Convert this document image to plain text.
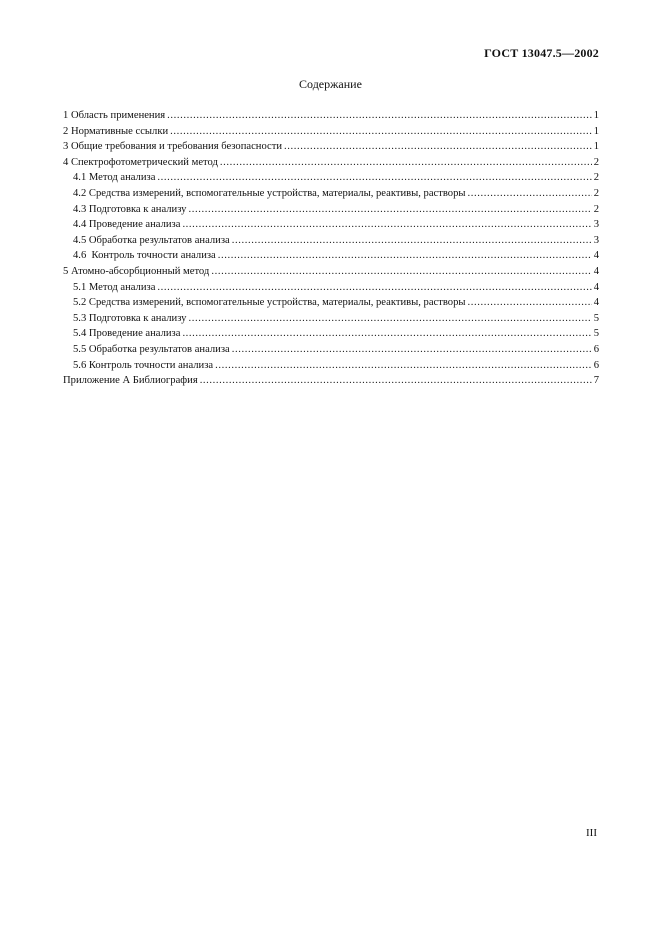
ГОСТ 13047.5—2002
Содержание
1 Область применения .....	1
2 Нормативные ссылки .....	1
3 Общие требования и требования безопасности .....	1
4 Спектрофотометрический метод .....	2
4.1 Метод анализа .....	2
4.2 Средства измерений, вспомогательные устройства, материалы, реактивы, растворы .....	2
4.3 Подготовка к анализу .....	2
4.4 Проведение анализа .....	3
4.5 Обработка результатов анализа .....	3
4.6  Контроль точности анализа .....	4
5 Атомно-абсорбционный метод .....	4
5.1 Метод анализа .....	4
5.2 Средства измерений, вспомогательные устройства, материалы, реактивы, растворы .....	4
5.3 Подготовка к анализу .....	5
5.4 Проведение анализа .....	5
5.5 Обработка результатов анализа .....	6
5.6 Контроль точности анализа .....	6
Приложение А Библиография .....	7
III
